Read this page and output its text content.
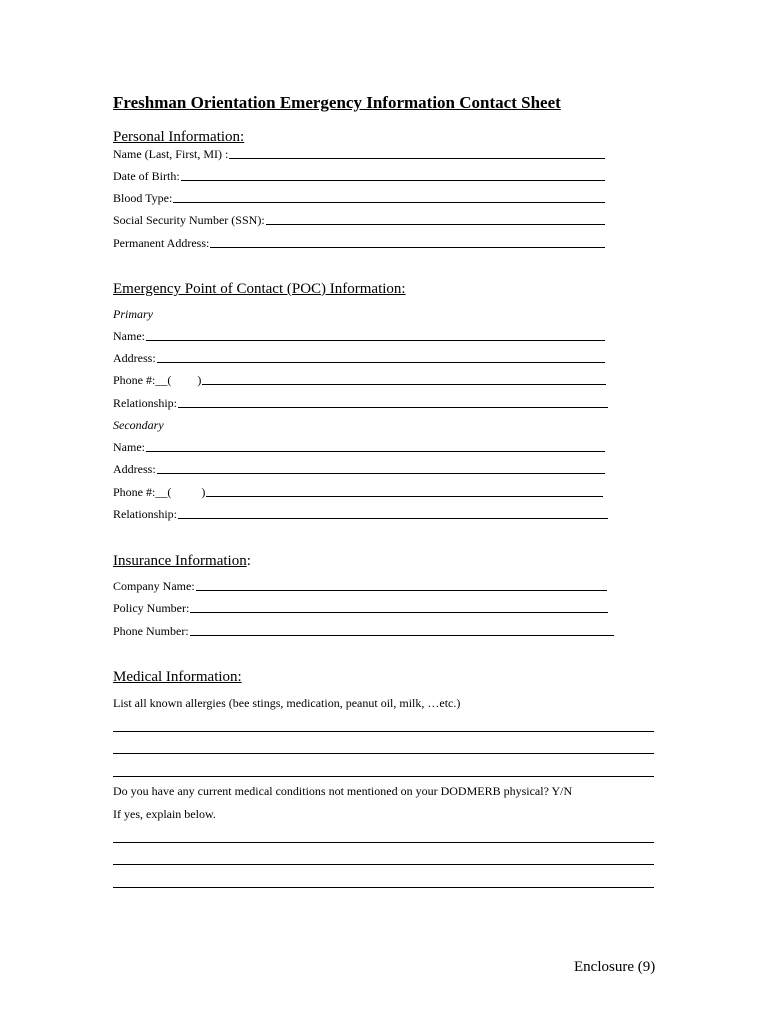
Freshman Orientation Emergency Information Contact Sheet
Personal Information:
Name (Last, First, MI) :
Date of Birth:
Blood Type:
Social Security Number (SSN):
Permanent Address:
Emergency Point of Contact (POC) Information:
Primary
Name:
Address:
Phone #:__( )
Relationship:
Secondary
Name:
Address:
Phone #:__(	)
Relationship:
Insurance Information:
Company Name:
Policy Number:
Phone Number:
Medical Information:
List all known allergies (bee stings, medication, peanut oil, milk, …etc.)
Do you have any current medical conditions not mentioned on your DODMERB physical? Y/N
If yes, explain below.
Enclosure (9)
